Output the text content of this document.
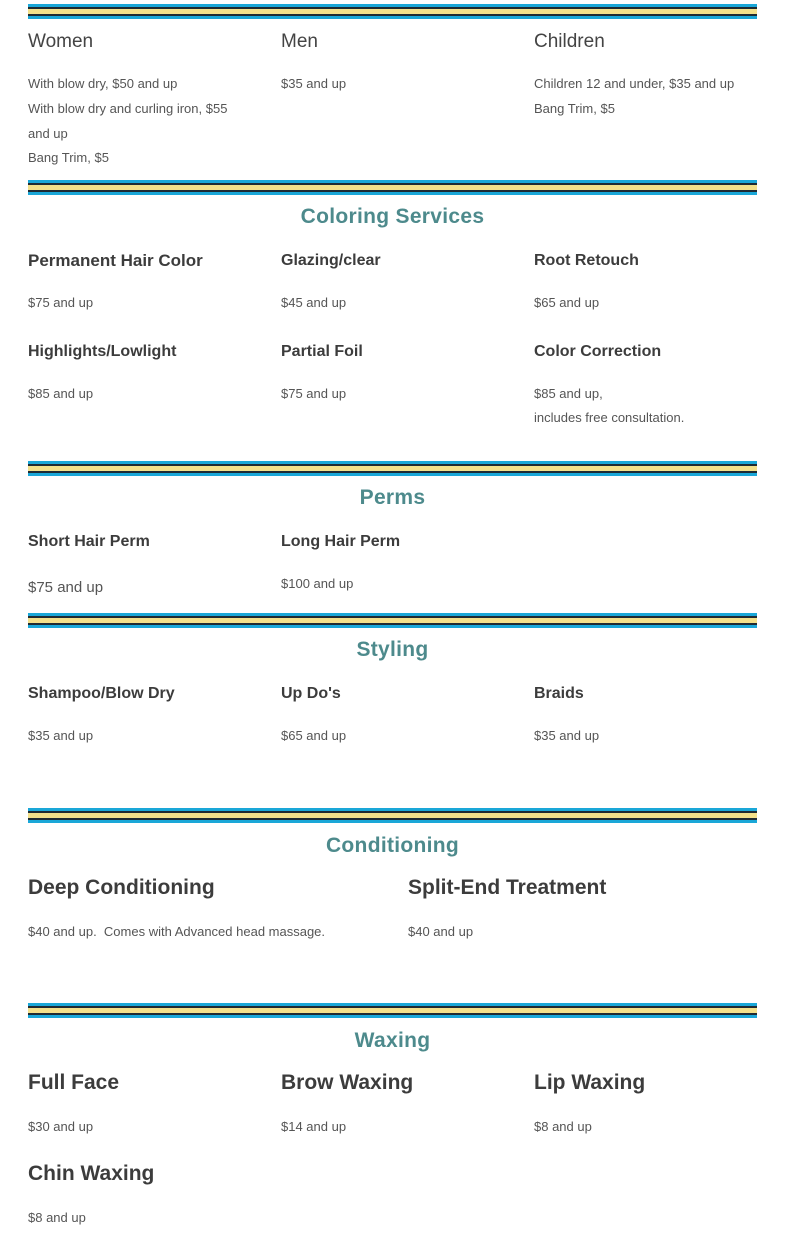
Women
With blow dry, $50 and up
With blow dry and curling iron, $55 and up
Bang Trim, $5
Men
$35 and up
Children
Children 12 and under, $35 and up
Bang Trim, $5
Coloring Services
Permanent Hair Color
$75 and up
Glazing/clear
$45 and up
Root Retouch
$65 and up
Highlights/Lowlight
$85 and up
Partial Foil
$75 and up
Color Correction
$85 and up,
includes free consultation.
Perms
Short Hair Perm
$75 and up
Long Hair Perm
$100 and up
Styling
Shampoo/Blow Dry
$35 and up
Up Do's
$65 and up
Braids
$35 and up
Conditioning
Deep Conditioning
$40 and up.  Comes with Advanced head massage.
Split-End Treatment
$40 and up
Waxing
Full Face
$30 and up
Brow Waxing
$14 and up
Lip Waxing
$8 and up
Chin Waxing
$8 and up
